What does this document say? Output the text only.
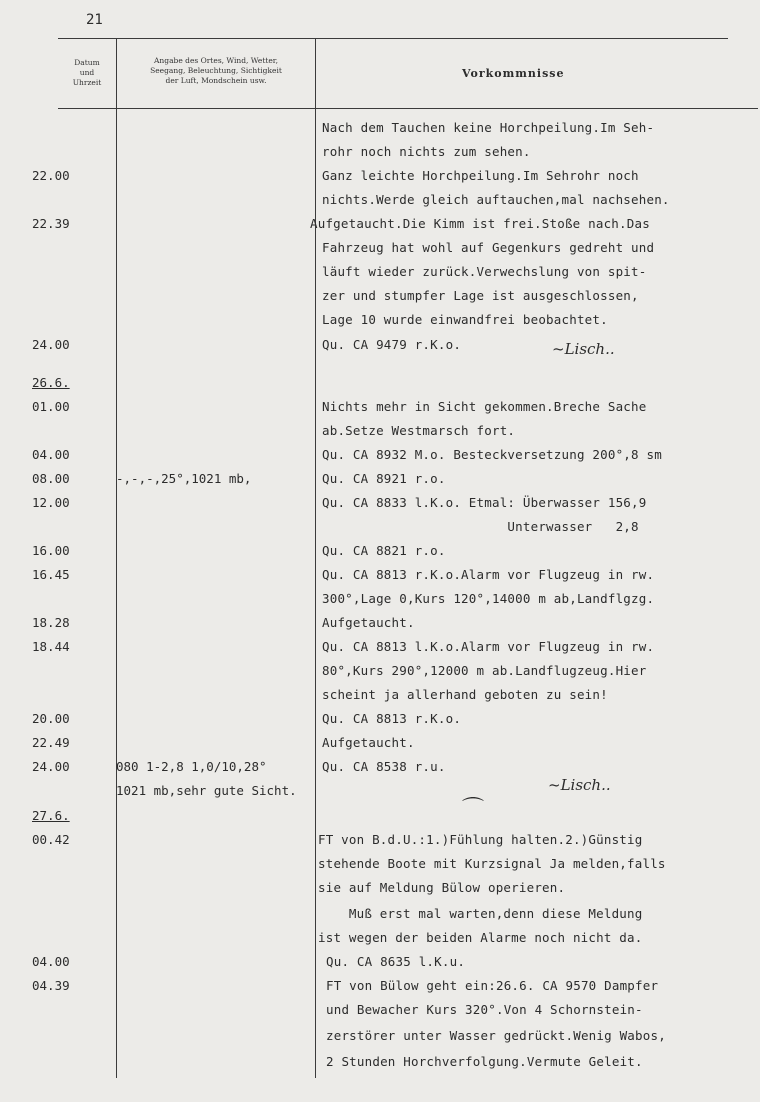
21
Datum
und
Uhrzeit
Angabe des Ortes, Wind, Wetter,
Seegang, Beleuchtung, Sichtigkeit
der Luft, Mondschein usw.
Vorkommnisse
Nach dem Tauchen keine Horchpeilung.Im Seh-
rohr noch nichts zum sehen.
22.00	Ganz leichte Horchpeilung.Im Sehrohr noch
nichts.Werde gleich auftauchen,mal nachsehen.
22.39	Aufgetaucht.Die Kimm ist frei.Stoße nach.Das
Fahrzeug hat wohl auf Gegenkurs gedreht und
läuft wieder zurück.Verwechslung von spit-
zer und stumpfer Lage ist ausgeschlossen,
Lage 10 wurde einwandfrei beobachtet.
24.00	Qu. CA 9479 r.K.o.	~Lisch..
26.6.
01.00	Nichts mehr in Sicht gekommen.Breche Sache
ab.Setze Westmarsch fort.
04.00	Qu. CA 8932 M.o. Besteckversetzung 200°,8 sm
08.00	-,-,-,25°,1021 mb,	Qu. CA 8921 r.o.
12.00	Qu. CA 8833 l.K.o. Etmal: Überwasser 156,9
Unterwasser   2,8
16.00	Qu. CA 8821 r.o.
16.45	Qu. CA 8813 r.K.o.Alarm vor Flugzeug in rw.
300°,Lage 0,Kurs 120°,14000 m ab,Landflgzg.
18.28	Aufgetaucht.
18.44	Qu. CA 8813 l.K.o.Alarm vor Flugzeug in rw.
80°,Kurs 290°,12000 m ab.Landflugzeug.Hier
scheint ja allerhand geboten zu sein!
20.00	Qu. CA 8813 r.K.o.
22.49	Aufgetaucht.
24.00	080 1-2,8 1,0/10,28°	Qu. CA 8538 r.u.
1021 mb,sehr gute Sicht.	~Lisch..
⌒
27.6.
00.42	FT von B.d.U.:1.)Fühlung halten.2.)Günstig
stehende Boote mit Kurzsignal Ja melden,falls
sie auf Meldung Bülow operieren.
Muß erst mal warten,denn diese Meldung
ist wegen der beiden Alarme noch nicht da.
04.00	Qu. CA 8635 l.K.u.
04.39	FT von Bülow geht ein:26.6. CA 9570 Dampfer
und Bewacher Kurs 320°.Von 4 Schornstein-
zerstörer unter Wasser gedrückt.Wenig Wabos,
2 Stunden Horchverfolgung.Vermute Geleit.
